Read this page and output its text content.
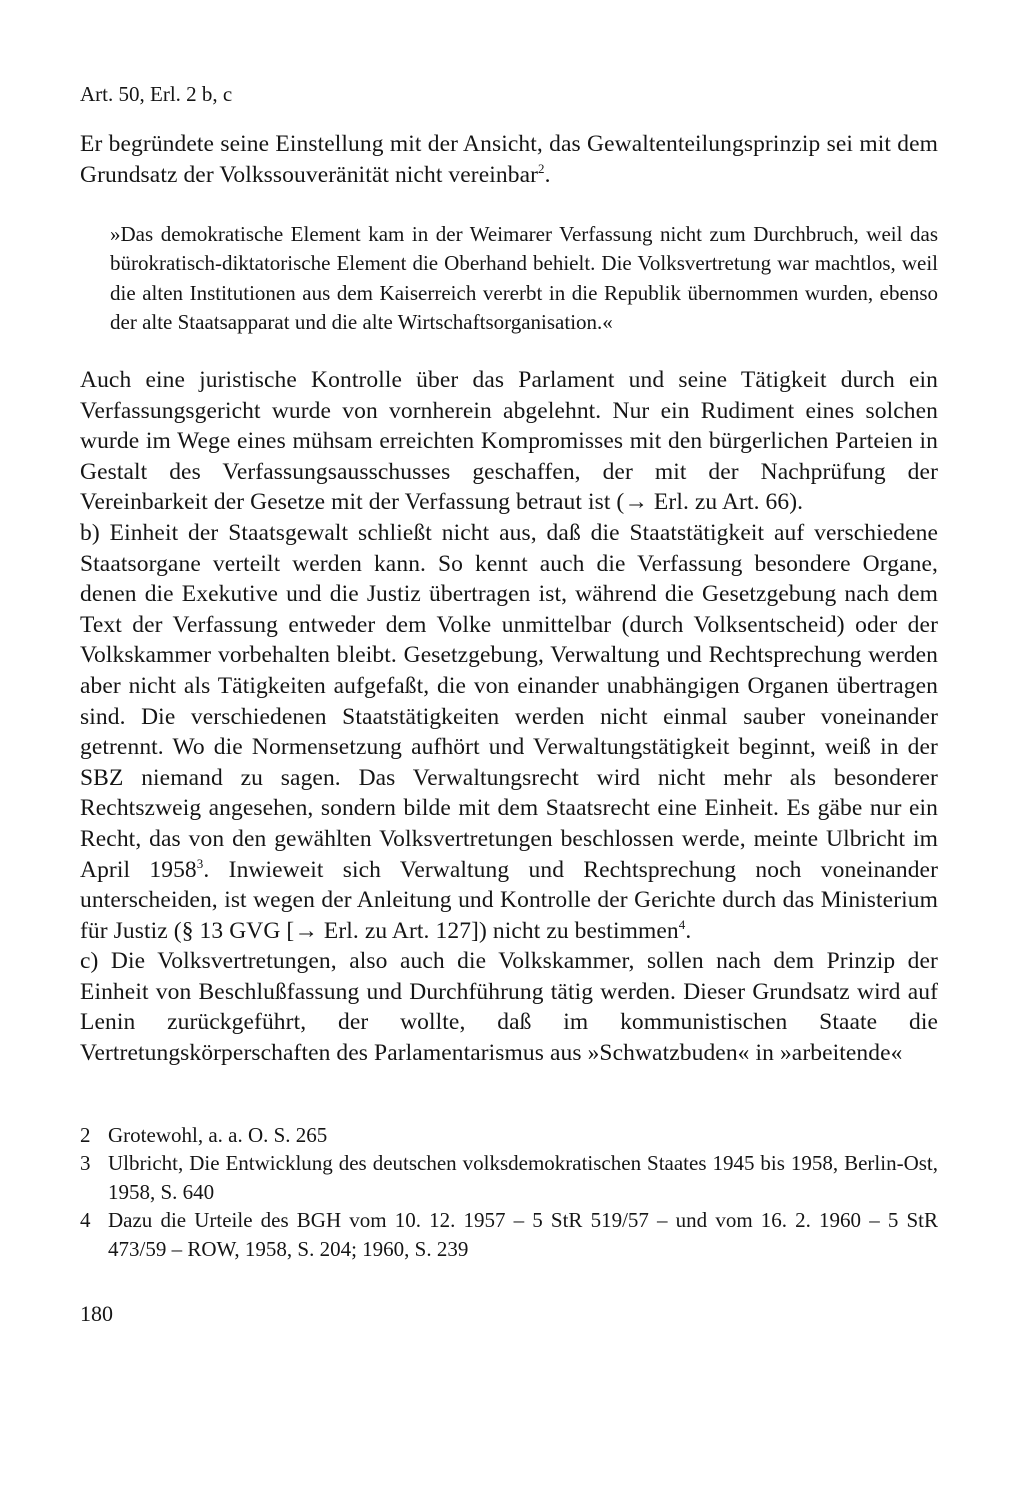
Art. 50, Erl. 2 b, c

Er begründete seine Einstellung mit der Ansicht, das Gewaltenteilungsprinzip sei mit dem Grundsatz der Volkssouveränität nicht vereinbar$^2$.

»Das demokratische Element kam in der Weimarer Verfassung nicht zum Durchbruch, weil das bürokratisch-diktatorische Element die Oberhand behielt. Die Volksvertretung war machtlos, weil die alten Institutionen aus dem Kaiserreich vererbt in die Republik übernommen wurden, ebenso der alte Staatsapparat und die alte Wirtschaftsorganisation.«

Auch eine juristische Kontrolle über das Parlament und seine Tätigkeit durch ein Verfassungsgericht wurde von vornherein abgelehnt. Nur ein Rudiment eines solchen wurde im Wege eines mühsam erreichten Kompromisses mit den bürgerlichen Parteien in Gestalt des Verfassungsausschusses geschaffen, der mit der Nachprüfung der Vereinbarkeit der Gesetze mit der Verfassung betraut ist (→ Erl. zu Art. 66).

b) Einheit der Staatsgewalt schließt nicht aus, daß die Staatstätigkeit auf verschiedene Staatsorgane verteilt werden kann. So kennt auch die Verfassung besondere Organe, denen die Exekutive und die Justiz übertragen ist, während die Gesetzgebung nach dem Text der Verfassung entweder dem Volke unmittelbar (durch Volksentscheid) oder der Volkskammer vorbehalten bleibt. Gesetzgebung, Verwaltung und Rechtsprechung werden aber nicht als Tätigkeiten aufgefaßt, die von einander unabhängigen Organen übertragen sind. Die verschiedenen Staatstätigkeiten werden nicht einmal sauber voneinander getrennt. Wo die Normensetzung aufhört und Verwaltungstätigkeit beginnt, weiß in der SBZ niemand zu sagen. Das Verwaltungsrecht wird nicht mehr als besonderer Rechtszweig angesehen, sondern bilde mit dem Staatsrecht eine Einheit. Es gäbe nur ein Recht, das von den gewählten Volksvertretungen beschlossen werde, meinte Ulbricht im April 1958$^3$. Inwieweit sich Verwaltung und Rechtsprechung noch voneinander unterscheiden, ist wegen der Anleitung und Kontrolle der Gerichte durch das Ministerium für Justiz (§ 13 GVG [→ Erl. zu Art. 127]) nicht zu bestimmen$^4$.

c) Die Volksvertretungen, also auch die Volkskammer, sollen nach dem Prinzip der Einheit von Beschlußfassung und Durchführung tätig werden. Dieser Grundsatz wird auf Lenin zurückgeführt, der wollte, daß im kommunistischen Staate die Vertretungskörperschaften des Parlamentarismus aus »Schwatzbuden« in »arbeitende«

2 Grotewohl, a. a. O. S. 265
3 Ulbricht, Die Entwicklung des deutschen volksdemokratischen Staates 1945 bis 1958, Berlin-Ost, 1958, S. 640
4 Dazu die Urteile des BGH vom 10. 12. 1957 – 5 StR 519/57 – und vom 16. 2. 1960 – 5 StR 473/59 – ROW, 1958, S. 204; 1960, S. 239
180
